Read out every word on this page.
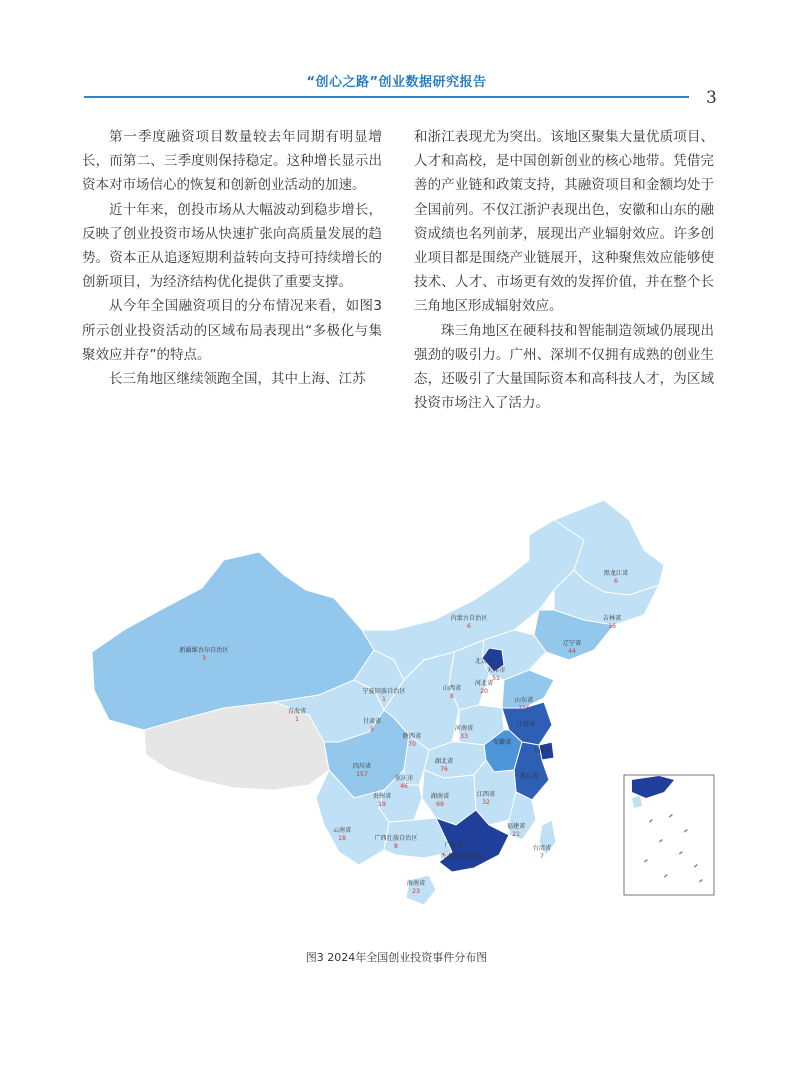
“创心之路”创业数据研究报告
3

第一季度融资项目数量较去年同期有明显增长，而第二、三季度则保持稳定。这种增长显示出资本对市场信心的恢复和创新创业活动的加速。

近十年来，创投市场从大幅波动到稳步增长，反映了创业投资市场从快速扩张向高质量发展的趋势。资本正从追逐短期利益转向支持可持续增长的创新项目，为经济结构优化提供了重要支撑。

从今年全国融资项目的分布情况来看，如图3所示创业投资活动的区域布局表现出“多极化与集聚效应并存”的特点。

长三角地区继续领跑全国，其中上海、江苏

和浙江表现尤为突出。该地区聚集大量优质项目、人才和高校，是中国创新创业的核心地带。凭借完善的产业链和政策支持，其融资项目和金额均处于全国前列。不仅江浙沪表现出色，安徽和山东的融资成绩也名列前茅，展现出产业辐射效应。许多创业项目都是围绕产业链展开，这种聚焦效应能够使技术、人才、市场更有效的发挥价值，并在整个长三角地区形成辐射效应。

珠三角地区在硬科技和智能制造领域仍展现出强劲的吸引力。广州、深圳不仅拥有成熟的创业生态，还吸引了大量国际资本和高科技人才，为区域投资市场注入了活力。

黑龙江省
6
吉林省
16
辽宁省
44
内蒙古自治区
6
新疆维吾尔自治区
3	北京市
天津市
51
河北省
20
山西省
8
宁夏回族自治区
1
青海省
1	甘肃省
5
陕西省
70
河南省
33
山东省
116
江苏省
安徽省
上海市
湖北省
76
四川省
157
重庆市
46
浙江省
贵州省
19
湖南省
69
江西省
32
福建省
21
云南省
18	广西壮族自治区
8	广东省
香港特别行政区
台湾省
7
海南省
23
图3 2024年全国创业投资事件分布图
